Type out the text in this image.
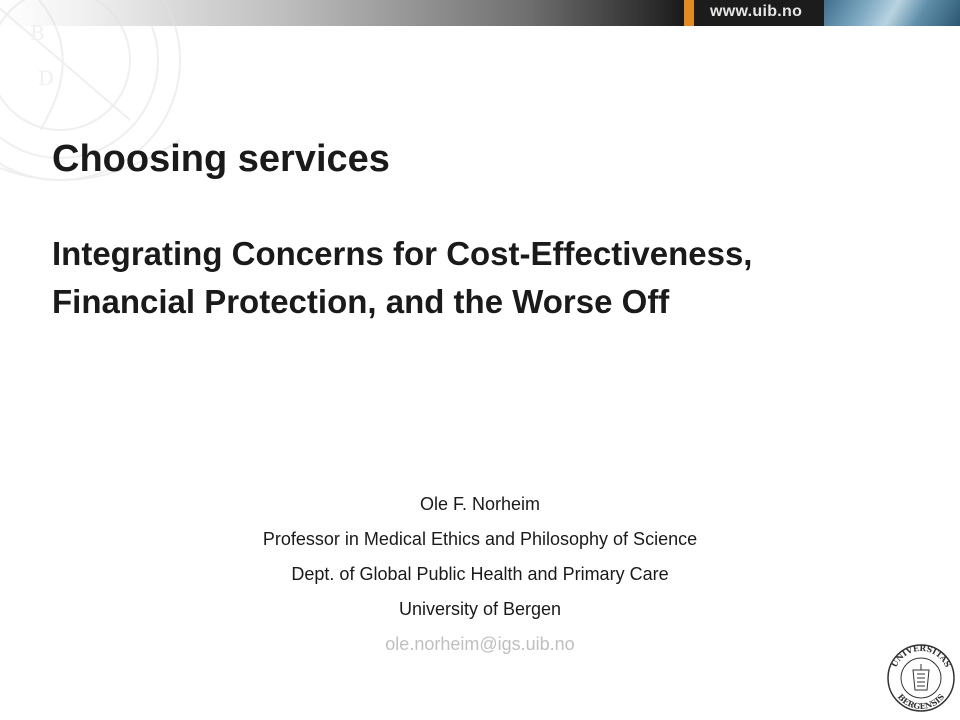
www.uib.no
B
D
Choosing services
Integrating Concerns for Cost-Effectiveness,
Financial Protection, and the Worse Off
Ole F. Norheim
Professor in Medical Ethics and Philosophy of Science
Dept. of Global Public Health and Primary Care
University of Bergen
ole.norheim@igs.uib.no
UNIVERSITAS
BERGENSIS
